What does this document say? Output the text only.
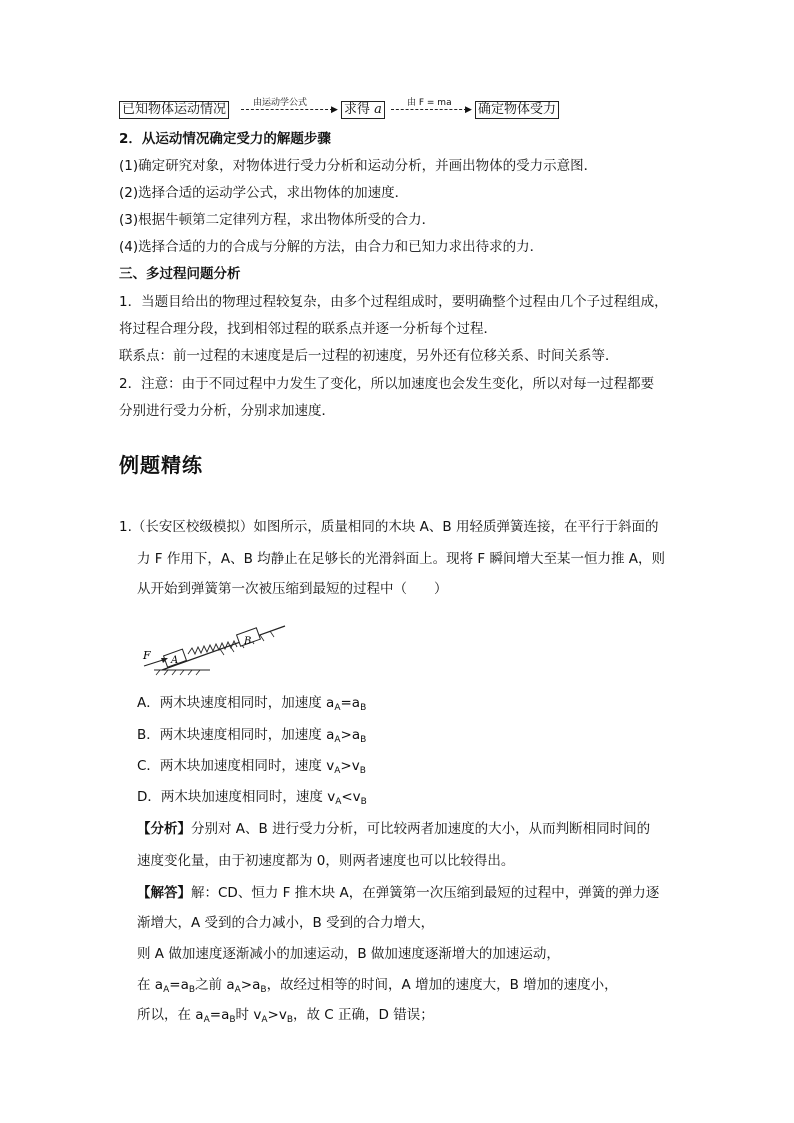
已知物体运动情况	由运动学公式
▶ 求得 a	由 F = ma
▶ 确定物体受力
2．从运动情况确定受力的解题步骤
(1)确定研究对象，对物体进行受力分析和运动分析，并画出物体的受力示意图．
(2)选择合适的运动学公式，求出物体的加速度．
(3)根据牛顿第二定律列方程，求出物体所受的合力．
(4)选择合适的力的合成与分解的方法，由合力和已知力求出待求的力．
三、多过程问题分析
1．当题目给出的物理过程较复杂，由多个过程组成时，要明确整个过程由几个子过程组成，
将过程合理分段，找到相邻过程的联系点并逐一分析每个过程．
联系点：前一过程的末速度是后一过程的初速度，另外还有位移关系、时间关系等．
2．注意：由于不同过程中力发生了变化，所以加速度也会发生变化，所以对每一过程都要
分别进行受力分析，分别求加速度．
例题精练
1.（长安区校级模拟）如图所示，质量相同的木块 A、B 用轻质弹簧连接，在平行于斜面的
力 F 作用下，A、B 均静止在足够长的光滑斜面上。现将 F 瞬间增大至某一恒力推 A，则
从开始到弹簧第一次被压缩到最短的过程中（　　）
F A
B
A．两木块速度相同时，加速度 $a_A=a_B$
B．两木块速度相同时，加速度 $a_A>a_B$
C．两木块加速度相同时，速度 $v_A>v_B$
D．两木块加速度相同时，速度 $v_A<v_B$
【分析】分别对 A、B 进行受力分析，可比较两者加速度的大小，从而判断相同时间的
速度变化量，由于初速度都为 0，则两者速度也可以比较得出。
【解答】解：CD、恒力 F 推木块 A，在弹簧第一次压缩到最短的过程中，弹簧的弹力逐
渐增大，A 受到的合力减小，B 受到的合力增大，
则 A 做加速度逐渐减小的加速运动，B 做加速度逐渐增大的加速运动，
在 $a_A=a_B$之前 $a_A>a_B$，故经过相等的时间，A 增加的速度大，B 增加的速度小，
所以，在 $a_A=a_B$时 $v_A>v_B$，故 C 正确，D 错误；
